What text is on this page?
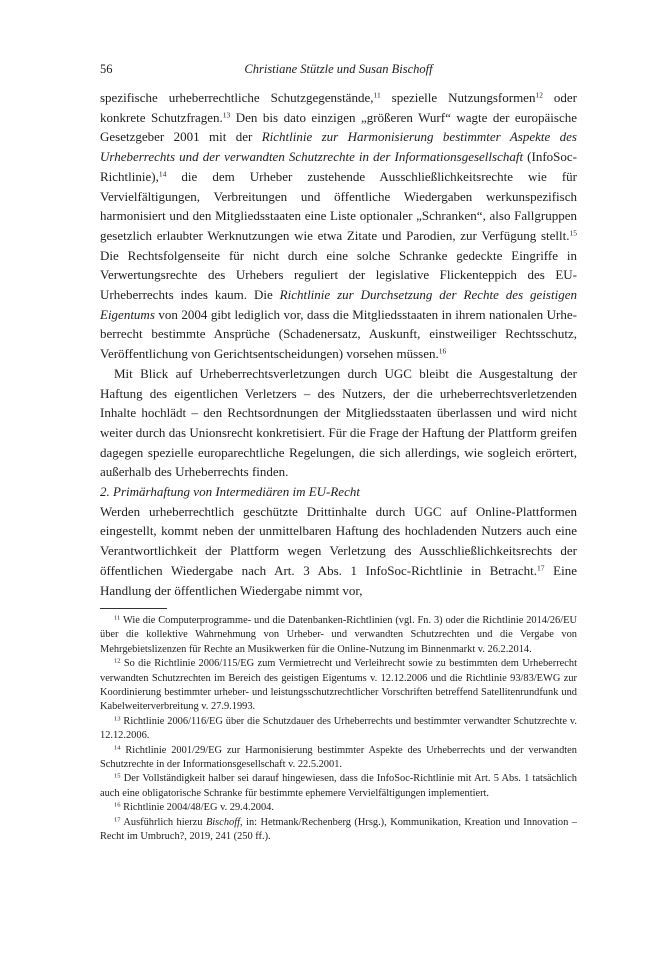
56	Christiane Stützle und Susan Bischoff

spezifische urheberrechtliche Schutzgegenstände,$^{11}$ spezielle Nutzungsformen$^{12}$ oder konkrete Schutzfragen.$^{13}$ Den bis dato einzigen „größeren Wurf“ wagte der europäische Gesetzgeber 2001 mit der Richtlinie zur Harmonisierung bestimmter Aspekte des Urheberrechts und der verwandten Schutzrechte in der Informationsgesellschaft (InfoSoc-Richtlinie),$^{14}$ die dem Urheber zustehende Ausschließlichkeitsrechte wie für Vervielfältigungen, Verbreitungen und öffentliche Wiedergaben werkunspezifisch harmonisiert und den Mitgliedsstaaten eine Liste optionaler „Schranken“, also Fallgruppen gesetzlich erlaubter Werknutzungen wie etwa Zitate und Parodien, zur Verfügung stellt.$^{15}$ Die Rechtsfolgenseite für nicht durch eine solche Schranke gedeckte Eingriffe in Verwertungsrechte des Urhebers reguliert der legislative Flickenteppich des EU-Urheberrechts indes kaum. Die Richtlinie zur Durchsetzung der Rechte des geistigen Eigentums von 2004 gibt lediglich vor, dass die Mitgliedsstaaten in ihrem nationalen Urheberrecht bestimmte Ansprüche (Schadenersatz, Auskunft, einstweiliger Rechtsschutz, Veröffentlichung von Gerichtsentscheidungen) vorsehen müssen.$^{16}$

Mit Blick auf Urheberrechtsverletzungen durch UGC bleibt die Ausgestaltung der Haftung des eigentlichen Verletzers – des Nutzers, der die urheberrechtsverletzenden Inhalte hochlädt – den Rechtsordnungen der Mitgliedsstaaten überlassen und wird nicht weiter durch das Unionsrecht konkretisiert. Für die Frage der Haftung der Plattform greifen dagegen spezielle europarechtliche Regelungen, die sich allerdings, wie sogleich erörtert, außerhalb des Urheberrechts finden.

2. Primärhaftung von Intermediären im EU-Recht

Werden urheberrechtlich geschützte Drittinhalte durch UGC auf Online-Plattformen eingestellt, kommt neben der unmittelbaren Haftung des hochladenden Nutzers auch eine Verantwortlichkeit der Plattform wegen Verletzung des Ausschließlichkeitsrechts der öffentlichen Wiedergabe nach Art. 3 Abs. 1 InfoSoc-Richtlinie in Betracht.$^{17}$ Eine Handlung der öffentlichen Wiedergabe nimmt vor,

$^{11}$ Wie die Computerprogramme- und die Datenbanken-Richtlinien (vgl. Fn. 3) oder die Richtlinie 2014/26/EU über die kollektive Wahrnehmung von Urheber- und verwandten Schutzrechten und die Vergabe von Mehrgebietslizenzen für Rechte an Musikwerken für die Online-Nutzung im Binnenmarkt v. 26.2.2014.

$^{12}$ So die Richtlinie 2006/115/EG zum Vermietrecht und Verleihrecht sowie zu bestimmten dem Urheberrecht verwandten Schutzrechten im Bereich des geistigen Eigentums v. 12.12.2006 und die Richtlinie 93/83/EWG zur Koordinierung bestimmter urheber- und leistungsschutzrechtlicher Vorschriften betreffend Satellitenrundfunk und Kabelweiterverbreitung v. 27.9.1993.

$^{13}$ Richtlinie 2006/116/EG über die Schutzdauer des Urheberrechts und bestimmter verwandter Schutzrechte v. 12.12.2006.

$^{14}$ Richtlinie 2001/29/EG zur Harmonisierung bestimmter Aspekte des Urheberrechts und der verwandten Schutzrechte in der Informationsgesellschaft v. 22.5.2001.

$^{15}$ Der Vollständigkeit halber sei darauf hingewiesen, dass die InfoSoc-Richtlinie mit Art. 5 Abs. 1 tatsächlich auch eine obligatorische Schranke für bestimmte ephemere Vervielfältigungen implementiert.

$^{16}$ Richtlinie 2004/48/EG v. 29.4.2004.

$^{17}$ Ausführlich hierzu Bischoff, in: Hetmank/Rechenberg (Hrsg.), Kommunikation, Kreation und Innovation – Recht im Umbruch?, 2019, 241 (250 ff.).
